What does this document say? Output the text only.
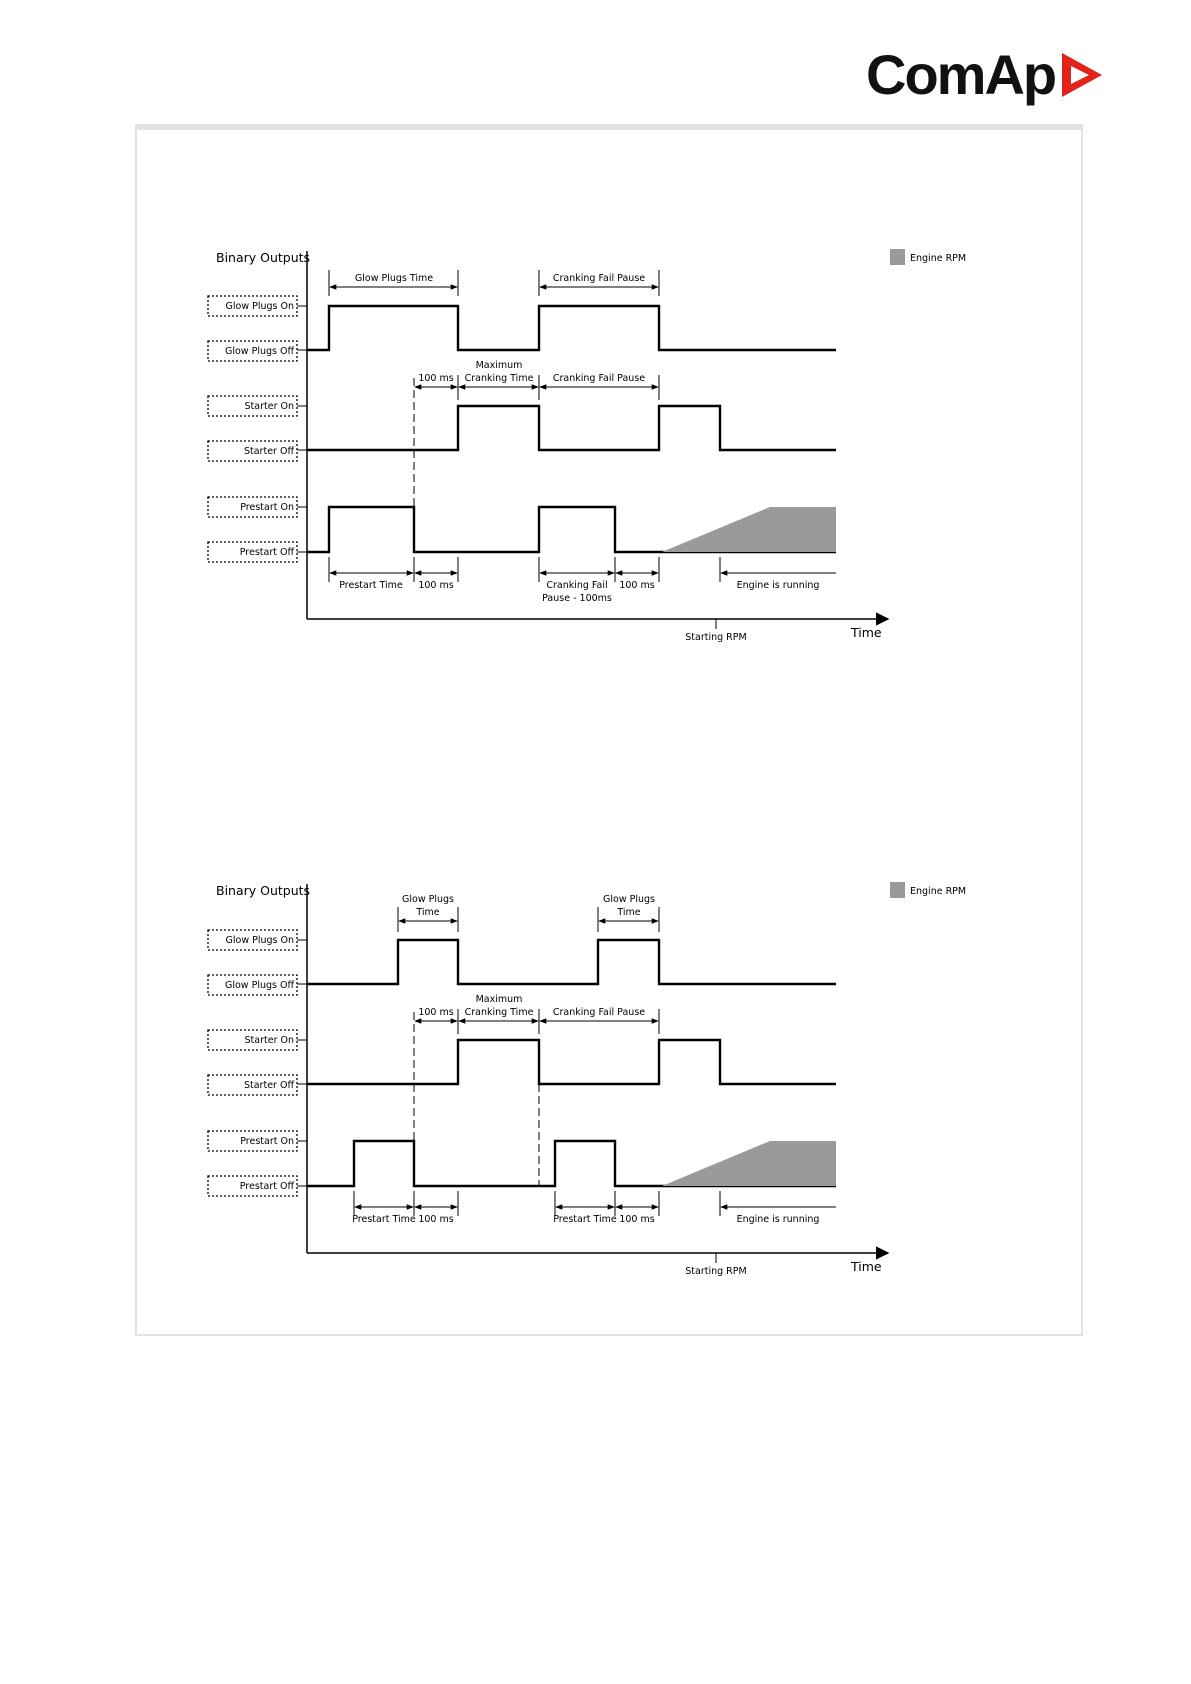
ComAp
Binary Outputs	Engine RPM
Time
Starting RPM
Glow Plugs On
Glow Plugs Off
Starter On
Starter Off
Prestart On
Prestart Off
Glow Plugs Time	Cranking Fail Pause
100 ms
Maximum
Cranking Time Cranking Fail Pause
Prestart Time 100 ms	Cranking Fail
Pause - 100ms
100 ms	Engine is running
Binary Outputs	Engine RPM
Time
Starting RPM
Glow Plugs On
Glow Plugs Off
Starter On
Starter Off
Prestart On
Prestart Off
Glow Plugs
Time
Glow Plugs
Time
100 ms
Maximum
Cranking Time Cranking Fail Pause
Prestart Time 100 ms	Prestart Time 100 ms	Engine is running
